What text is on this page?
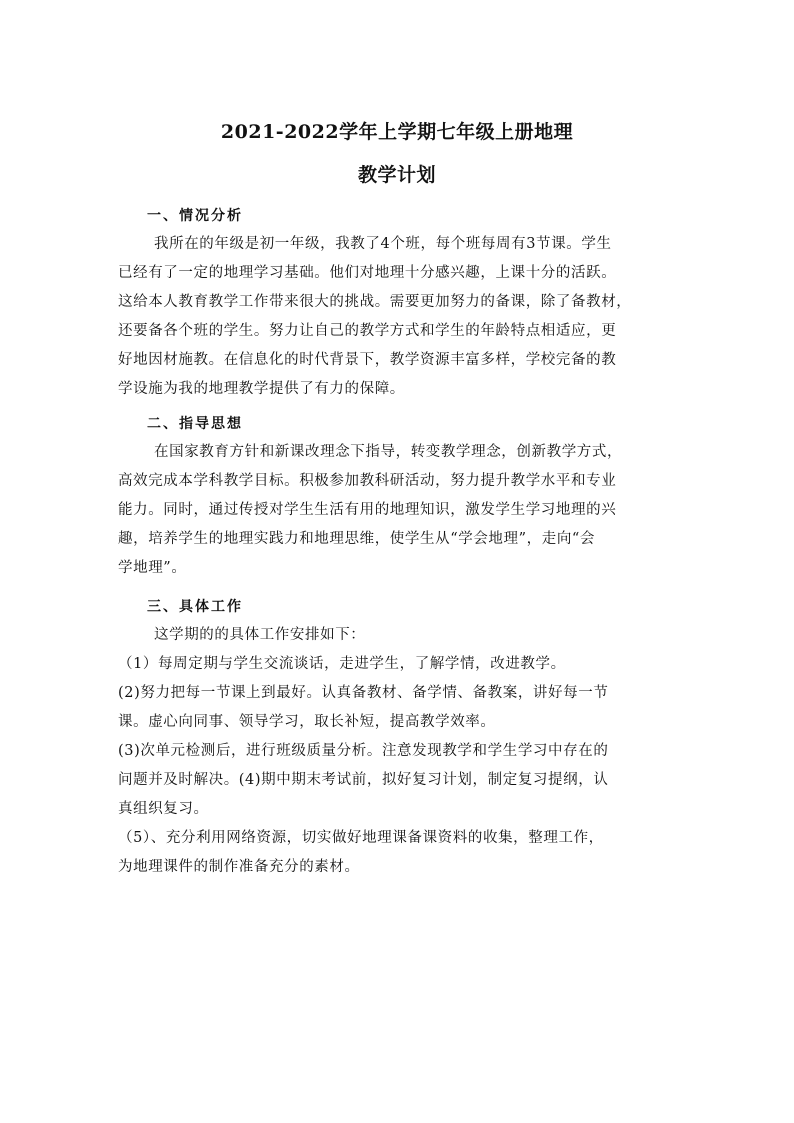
2021-2022学年上学期七年级上册地理
教学计划
一、情况分析
我所在的年级是初一年级，我教了4个班，每个班每周有3节课。学生
已经有了一定的地理学习基础。他们对地理十分感兴趣，上课十分的活跃。
这给本人教育教学工作带来很大的挑战。需要更加努力的备课，除了备教材，
还要备各个班的学生。努力让自己的教学方式和学生的年龄特点相适应，更
好地因材施教。在信息化的时代背景下，教学资源丰富多样，学校完备的教
学设施为我的地理教学提供了有力的保障。
二、指导思想
在国家教育方针和新课改理念下指导，转变教学理念，创新教学方式，
高效完成本学科教学目标。积极参加教科研活动，努力提升教学水平和专业
能力。同时，通过传授对学生生活有用的地理知识，激发学生学习地理的兴
趣，培养学生的地理实践力和地理思维，使学生从“学会地理”，走向“会
学地理”。
三、具体工作
这学期的的具体工作安排如下：
（1）每周定期与学生交流谈话，走进学生，了解学情，改进教学。
(2)努力把每一节课上到最好。认真备教材、备学情、备教案，讲好每一节
课。虚心向同事、领导学习，取长补短，提高教学效率。
(3)次单元检测后，进行班级质量分析。注意发现教学和学生学习中存在的
问题并及时解决。(4)期中期末考试前，拟好复习计划，制定复习提纲，认
真组织复习。
（5）、充分利用网络资源，切实做好地理课备课资料的收集，整理工作，
为地理课件的制作准备充分的素材。
